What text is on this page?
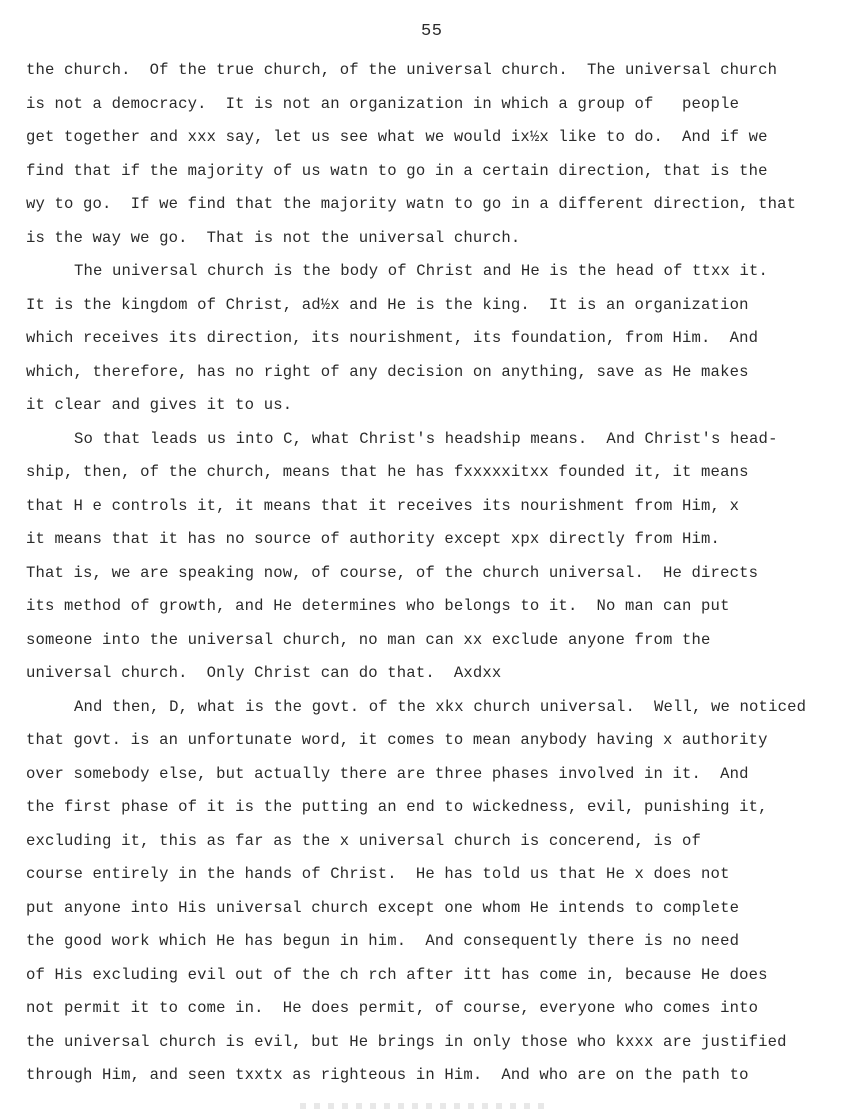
55
the church.  Of the true church, of the universal church.  The universal church
is not a democracy.  It is not an organization in which a group of   people
get together and xxx say, let us see what we would ix½x like to do.  And if we
find that if the majority of us watn to go in a certain direction, that is the
wy to go.  If we find that the majority watn to go in a different direction, that
is the way we go.  That is not the universal church.
The universal church is the body of Christ and He is the head of ttxx it.
It is the kingdom of Christ, ad½x and He is the king.  It is an organization
which receives its direction, its nourishment, its foundation, from Him.  And
which, therefore, has no right of any decision on anything, save as He makes
it clear and gives it to us.
So that leads us into C, what Christ's headship means.  And Christ's head-
ship, then, of the church, means that he has fxxxxxitxx founded it, it means
that H e controls it, it means that it receives its nourishment from Him, x
it means that it has no source of authority except xpx directly from Him.
That is, we are speaking now, of course, of the church universal.  He directs
its method of growth, and He determines who belongs to it.  No man can put
someone into the universal church, no man can xx exclude anyone from the
universal church.  Only Christ can do that.  Axdxx
And then, D, what is the govt. of the xkx church universal.  Well, we noticed
that govt. is an unfortunate word, it comes to mean anybody having x authority
over somebody else, but actually there are three phases involved in it.  And
the first phase of it is the putting an end to wickedness, evil, punishing it,
excluding it, this as far as the x universal church is concerend, is of
course entirely in the hands of Christ.  He has told us that He x does not
put anyone into His universal church except one whom He intends to complete
the good work which He has begun in him.  And consequently there is no need
of His excluding evil out of the ch rch after itt has come in, because He does
not permit it to come in.  He does permit, of course, everyone who comes into
the universal church is evil, but He brings in only those who kxxx are justified
through Him, and seen txxtx as righteous in Him.  And who are on the path to
